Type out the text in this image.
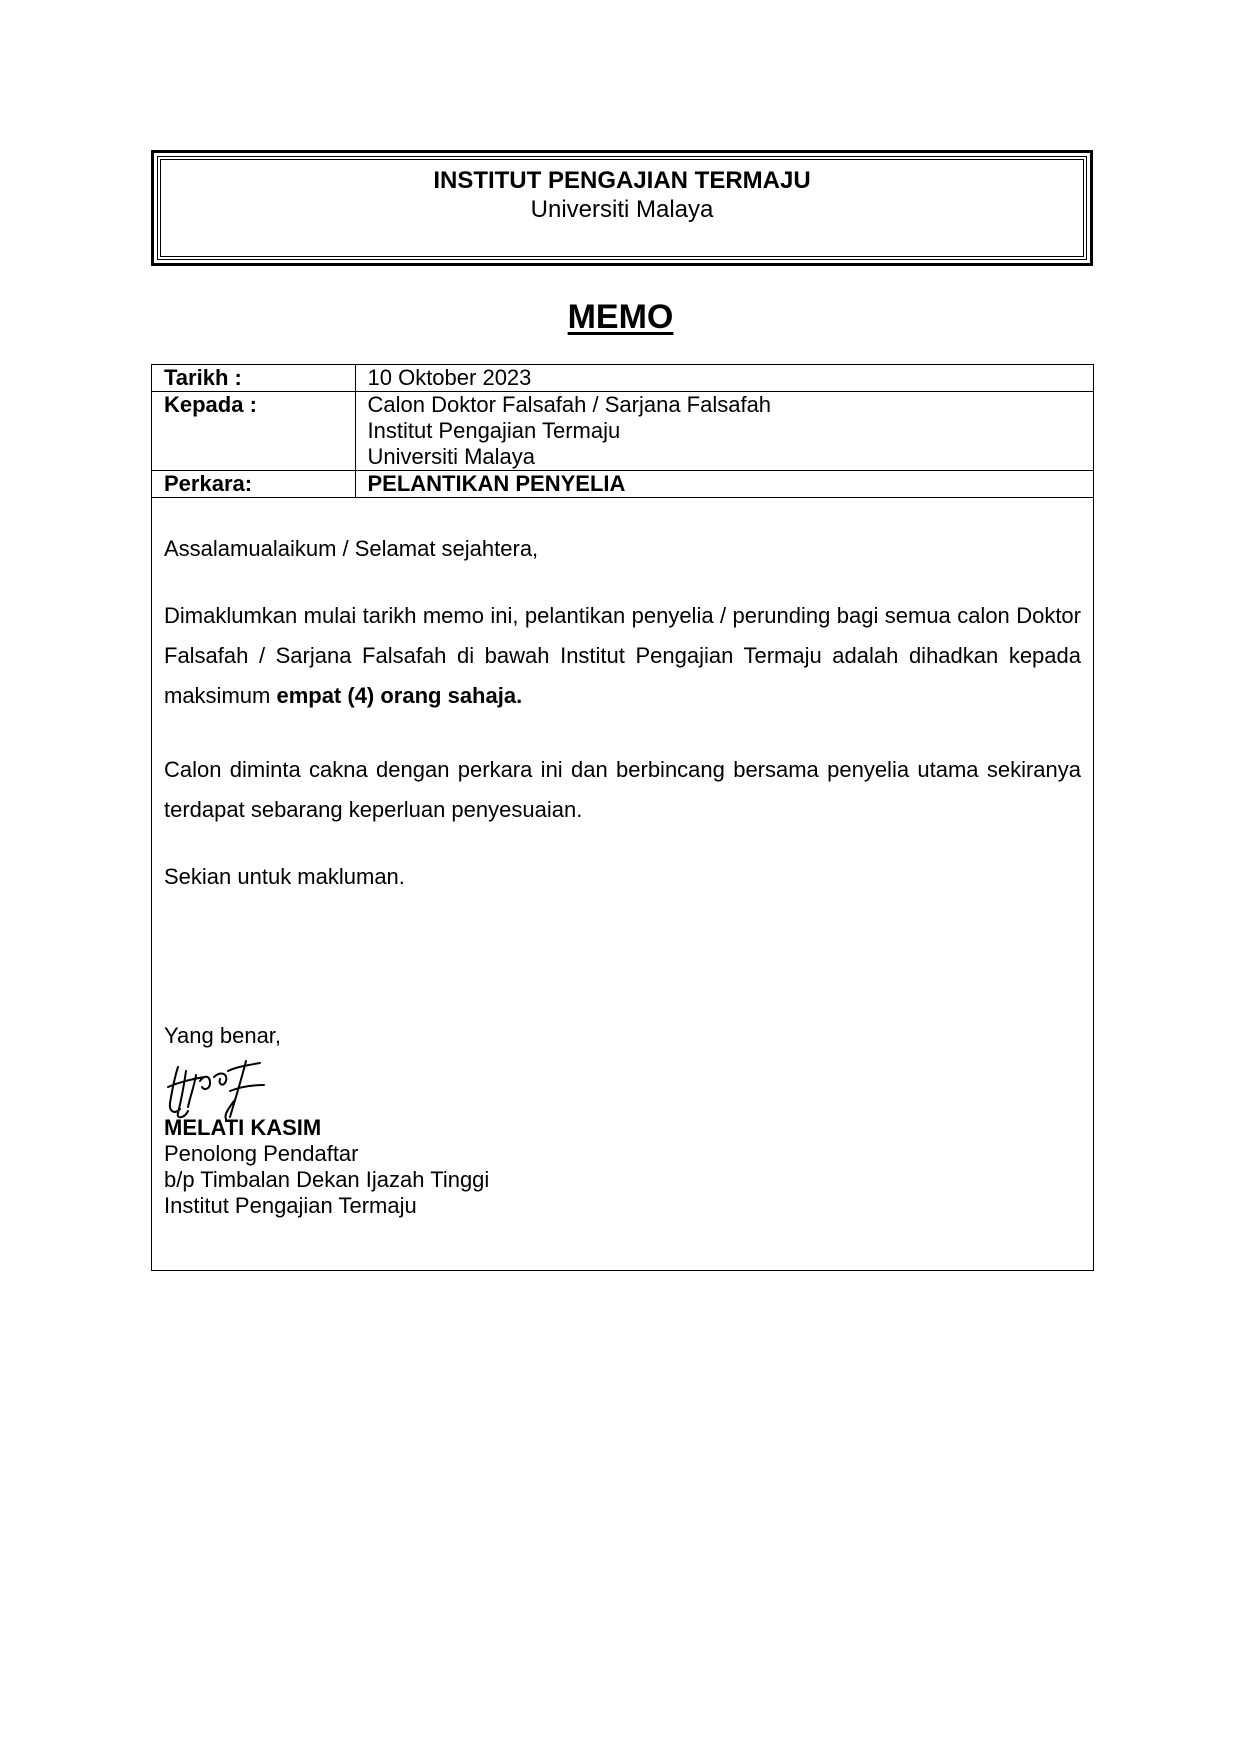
INSTITUT PENGAJIAN TERMAJU
Universiti Malaya
MEMO
Tarikh :	10 Oktober 2023
Kepada :	Calon Doktor Falsafah / Sarjana Falsafah
Institut Pengajian Termaju
Universiti Malaya

Perkara:	PELANTIKAN PENYELIA
Assalamualaikum / Selamat sejahtera,
Dimaklumkan mulai tarikh memo ini, pelantikan penyelia / perunding bagi semua calon Doktor Falsafah / Sarjana Falsafah di bawah Institut Pengajian Termaju adalah dihadkan kepada maksimum empat (4) orang sahaja.
Calon diminta cakna dengan perkara ini dan berbincang bersama penyelia utama sekiranya terdapat sebarang keperluan penyesuaian.
Sekian untuk makluman.
Yang benar,
MELATI KASIM
Penolong Pendaftar
b/p Timbalan Dekan Ijazah Tinggi
Institut Pengajian Termaju
